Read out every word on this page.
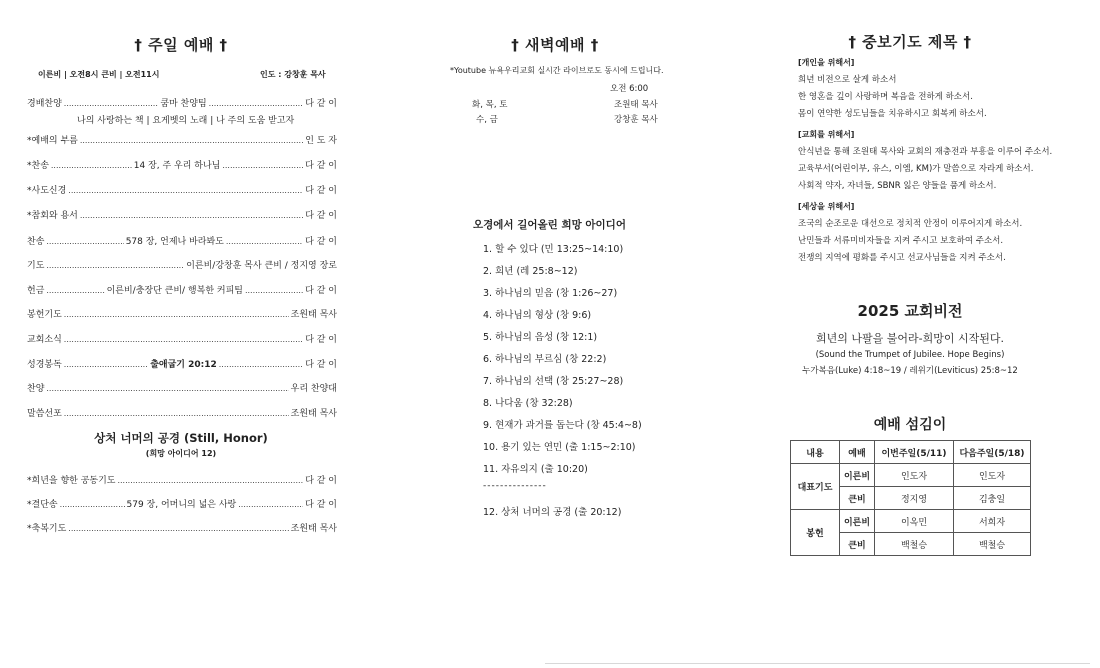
† 주일 예배 †
이른비 | 오전8시 큰비 | 오전11시	인도 : 강창훈 목사
경배찬양 .....	쿰마 찬양팀 .....	다 같 이
*예배의 부름 .....	인 도 자
*찬송 .....	14 장, 주 우리 하나님 .....	다 같 이
*사도신경 .....	다 같 이
*참회와 용서 .....	다 같 이
찬송 .....	578 장, 언제나 바라봐도 .....	다 같 이
기도 .....	이른비/강창훈 목사 큰비 / 정지영 장로
헌금 .....	이른비/충장단 큰비/ 행복한 커피팀 .....	다 같 이
봉헌기도 .....	조원태 목사
교회소식 .....	다 같 이
성경봉독 .....	출애굽기 20:12 .....	다 같 이
찬양 .....	우리 찬양대
말씀선포 .....	조원태 목사
나의 사랑하는 책 | 요게벳의 노래 | 나 주의 도움 받고자
상처 너머의 공경 (Still, Honor)
(희망 아이디어 12)
*희년을 향한 공동기도 .....	다 같 이
*결단송 .....	579 장, 어머니의 넓은 사랑 .....	다 같 이
*축복기도 .....	조원태 목사
† 새벽예배 †
*Youtube 뉴욕우리교회 실시간 라이브로도 동시에 드립니다.
오전 6:00
화, 목, 토	조원태 목사
수, 금	강창훈 목사
오경에서 길어올린 희망 아이디어
1. 할 수 있다 (민 13:25~14:10)
2. 희년 (레 25:8~12)
3. 하나님의 믿음 (창 1:26~27)
4. 하나님의 형상 (창 9:6)
5. 하나님의 음성 (창 12:1)
6. 하나님의 부르심 (창 22:2)
7. 하나님의 선택 (창 25:27~28)
8. 나다움 (창 32:28)
9. 현재가 과거를 돕는다 (창 45:4~8)
10. 용기 있는 연민 (출 1:15~2:10)
11. 자유의지 (출 10:20)
---------------
12. 상처 너머의 공경 (출 20:12)
† 중보기도 제목 †
[개인을 위해서]
희년 비전으로 살게 하소서
한 영혼을 깊이 사랑하며 복음을 전하게 하소서.
몸이 연약한 성도님들을 치유하시고 회복케 하소서.
[교회를 위해서]
안식년을 통해 조원태 목사와 교회의 재충전과 부흥을 이루어 주소서.
교육부서(어린이부, 유스, 이엠, KM)가 말씀으로 자라게 하소서.
사회적 약자, 자녀들, SBNR 잃은 양들을 품게 하소서.
[세상을 위해서]
조국의 순조로운 대선으로 정치적 안정이 이루어지게 하소서.
난민들과 서류미비자들을 지켜 주시고 보호하여 주소서.
전쟁의 지역에 평화를 주시고 선교사님들을 지켜 주소서.
2025 교회비전
희년의 나팔을 불어라-희망이 시작된다.
(Sound the Trumpet of Jubilee. Hope Begins)
누가복음(Luke) 4:18~19 / 레위기(Leviticus) 25:8~12
예배 섬김이
내용	예배	이번주일(5/11)	다음주일(5/18)
대표기도	이른비	인도자	인도자
	큰비	정지영	김충일
봉헌	이른비	이옥민	서희자
	큰비	백철승	백철승
